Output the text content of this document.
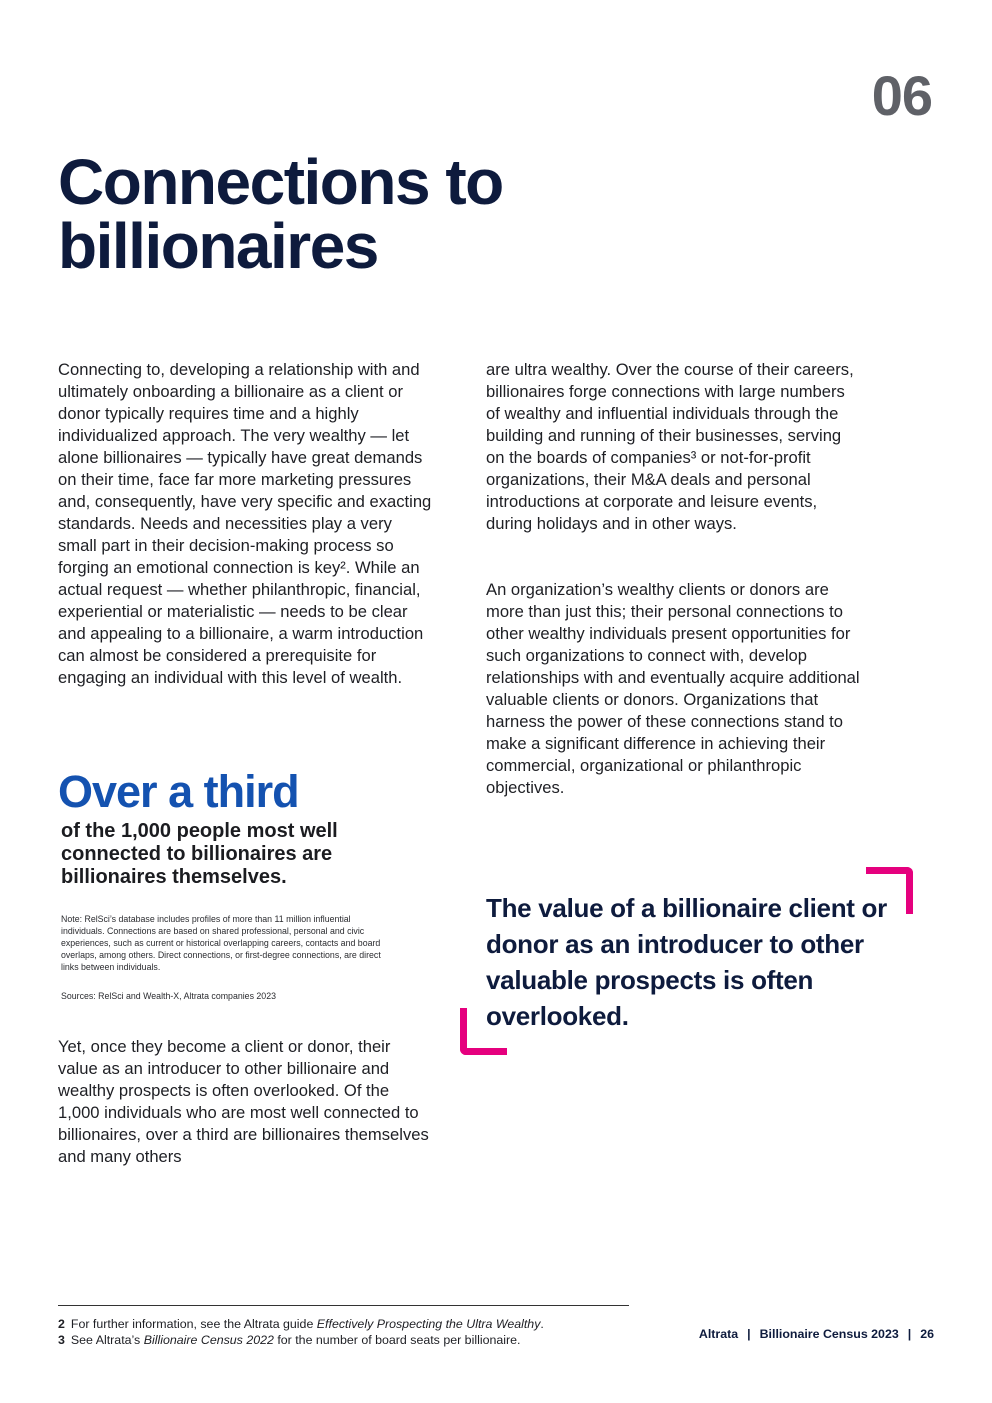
06
Connections to billionaires

Connecting to, developing a relationship with and ultimately onboarding a billionaire as a client or donor typically requires time and a highly individualized approach. The very wealthy — let alone billionaires — typically have great demands on their time, face far more marketing pressures and, consequently, have very specific and exacting standards. Needs and necessities play a very small part in their decision-making process so forging an emotional connection is key². While an actual request — whether philanthropic, financial, experiential or materialistic — needs to be clear and appealing to a billionaire, a warm introduction can almost be considered a prerequisite for engaging an individual with this level of wealth.

Over a third
of the 1,000 people most well connected to billionaires are billionaires themselves.

Note: RelSci’s database includes profiles of more than 11 million influential individuals. Connections are based on shared professional, personal and civic experiences, such as current or historical overlapping careers, contacts and board overlaps, among others. Direct connections, or first-degree connections, are direct links between individuals.

Sources: RelSci and Wealth-X, Altrata companies 2023

Yet, once they become a client or donor, their value as an introducer to other billionaire and wealthy prospects is often overlooked. Of the 1,000 individuals who are most well connected to billionaires, over a third are billionaires themselves and many others

are ultra wealthy. Over the course of their careers, billionaires forge connections with large numbers of wealthy and influential individuals through the building and running of their businesses, serving on the boards of companies³ or not-for-profit organizations, their M&A deals and personal introductions at corporate and leisure events, during holidays and in other ways.

An organization’s wealthy clients or donors are more than just this; their personal connections to other wealthy individuals present opportunities for such organizations to connect with, develop relationships with and eventually acquire additional valuable clients or donors. Organizations that harness the power of these connections stand to make a significant difference in achieving their commercial, organizational or philanthropic objectives.

The value of a billionaire client or donor as an introducer to other valuable prospects is often overlooked.
2 For further information, see the Altrata guide Effectively Prospecting the Ultra Wealthy.
3 See Altrata’s Billionaire Census 2022 for the number of board seats per billionaire.	Altrata | Billionaire Census 2023 | 26
